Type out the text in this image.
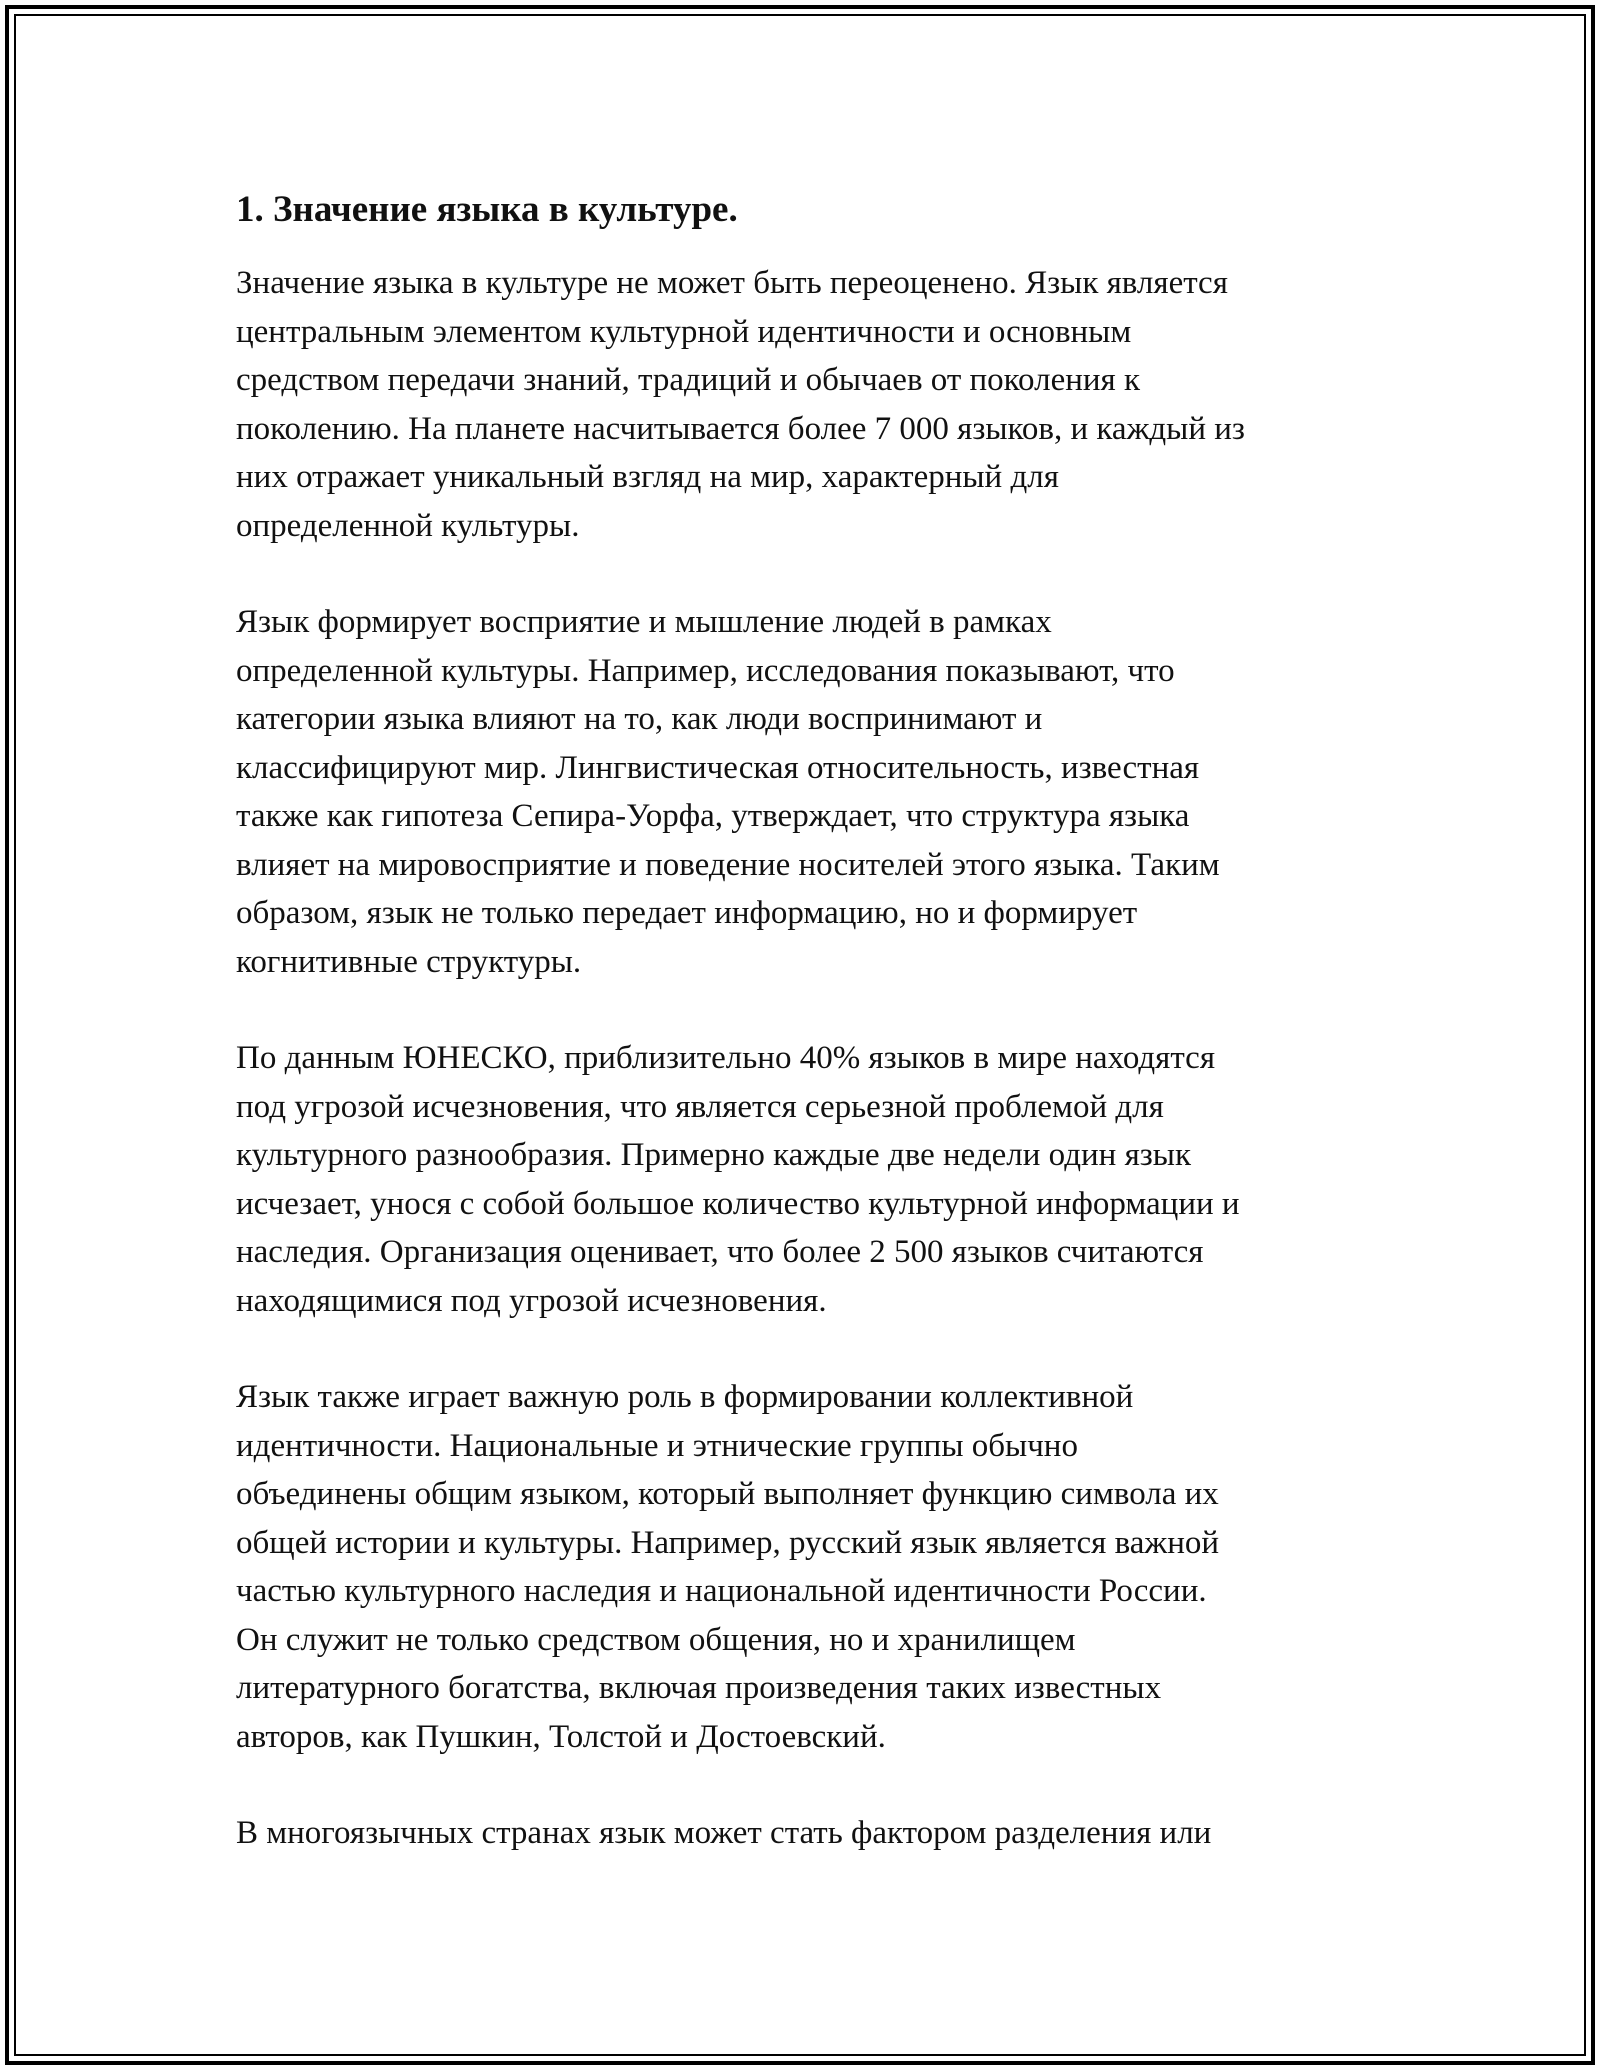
1. Значение языка в культуре.

Значение языка в культуре не может быть переоценено. Язык является
центральным элементом культурной идентичности и основным
средством передачи знаний, традиций и обычаев от поколения к
поколению. На планете насчитывается более 7 000 языков, и каждый из
них отражает уникальный взгляд на мир, характерный для
определенной культуры.

Язык формирует восприятие и мышление людей в рамках
определенной культуры. Например, исследования показывают, что
категории языка влияют на то, как люди воспринимают и
классифицируют мир. Лингвистическая относительность, известная
также как гипотеза Сепира-Уорфа, утверждает, что структура языка
влияет на мировосприятие и поведение носителей этого языка. Таким
образом, язык не только передает информацию, но и формирует
когнитивные структуры.

По данным ЮНЕСКО, приблизительно 40% языков в мире находятся
под угрозой исчезновения, что является серьезной проблемой для
культурного разнообразия. Примерно каждые две недели один язык
исчезает, унося с собой большое количество культурной информации и
наследия. Организация оценивает, что более 2 500 языков считаются
находящимися под угрозой исчезновения.

Язык также играет важную роль в формировании коллективной
идентичности. Национальные и этнические группы обычно
объединены общим языком, который выполняет функцию символа их
общей истории и культуры. Например, русский язык является важной
частью культурного наследия и национальной идентичности России.
Он служит не только средством общения, но и хранилищем
литературного богатства, включая произведения таких известных
авторов, как Пушкин, Толстой и Достоевский.

В многоязычных странах язык может стать фактором разделения или
